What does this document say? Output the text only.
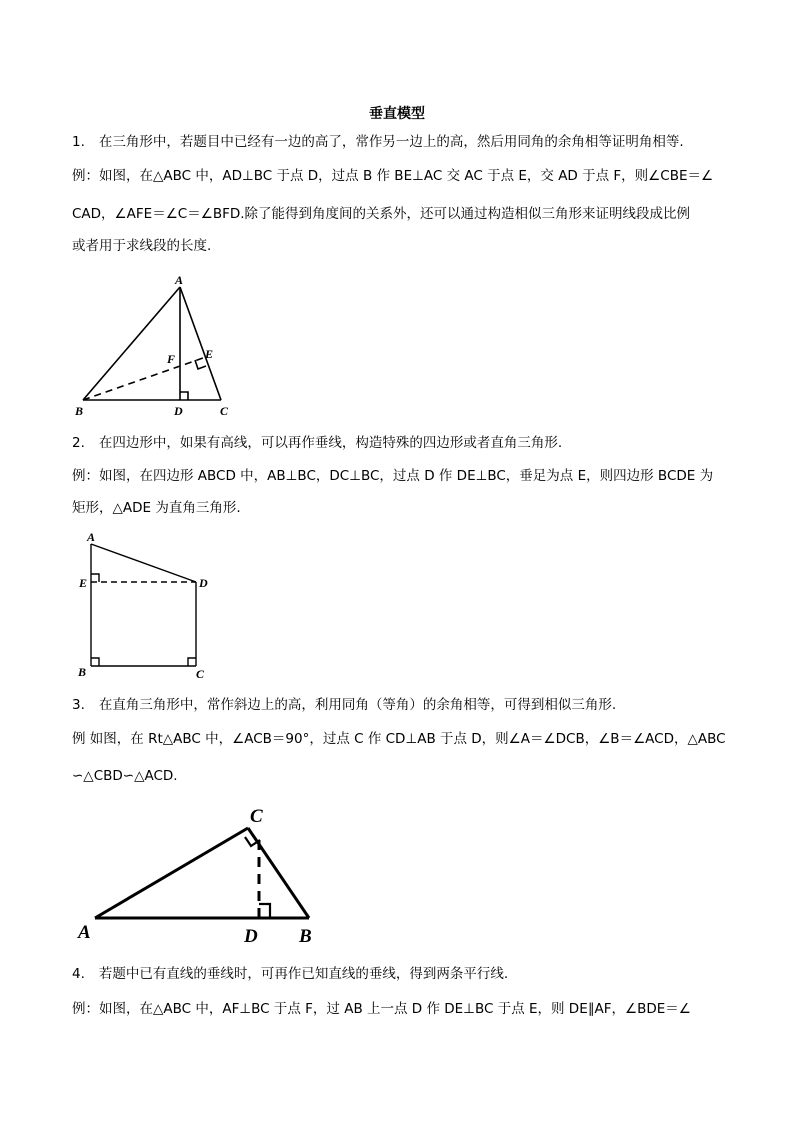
垂直模型
1. 在三角形中，若题目中已经有一边的高了，常作另一边上的高，然后用同角的余角相等证明角相等.
例：如图，在△ABC 中，AD⊥BC 于点 D，过点 B 作 BE⊥AC 交 AC 于点 E，交 AD 于点 F，则∠CBE＝∠
CAD，∠AFE＝∠C＝∠BFD.除了能得到角度间的关系外，还可以通过构造相似三角形来证明线段成比例
或者用于求线段的长度.
A
F E
B	D	C
2. 在四边形中，如果有高线，可以再作垂线，构造特殊的四边形或者直角三角形.
例：如图，在四边形 ABCD 中，AB⊥BC，DC⊥BC，过点 D 作 DE⊥BC，垂足为点 E，则四边形 BCDE 为
矩形，△ADE 为直角三角形.
A
E	D
B	C
3. 在直角三角形中，常作斜边上的高，利用同角（等角）的余角相等，可得到相似三角形.
例 如图，在 Rt△ABC 中，∠ACB＝90°，过点 C 作 CD⊥AB 于点 D，则∠A＝∠DCB，∠B＝∠ACD，△ABC
∽△CBD∽△ACD.
C
A	D B
4. 若题中已有直线的垂线时，可再作已知直线的垂线，得到两条平行线.
例：如图，在△ABC 中，AF⊥BC 于点 F，过 AB 上一点 D 作 DE⊥BC 于点 E，则 DE∥AF，∠BDE＝∠
